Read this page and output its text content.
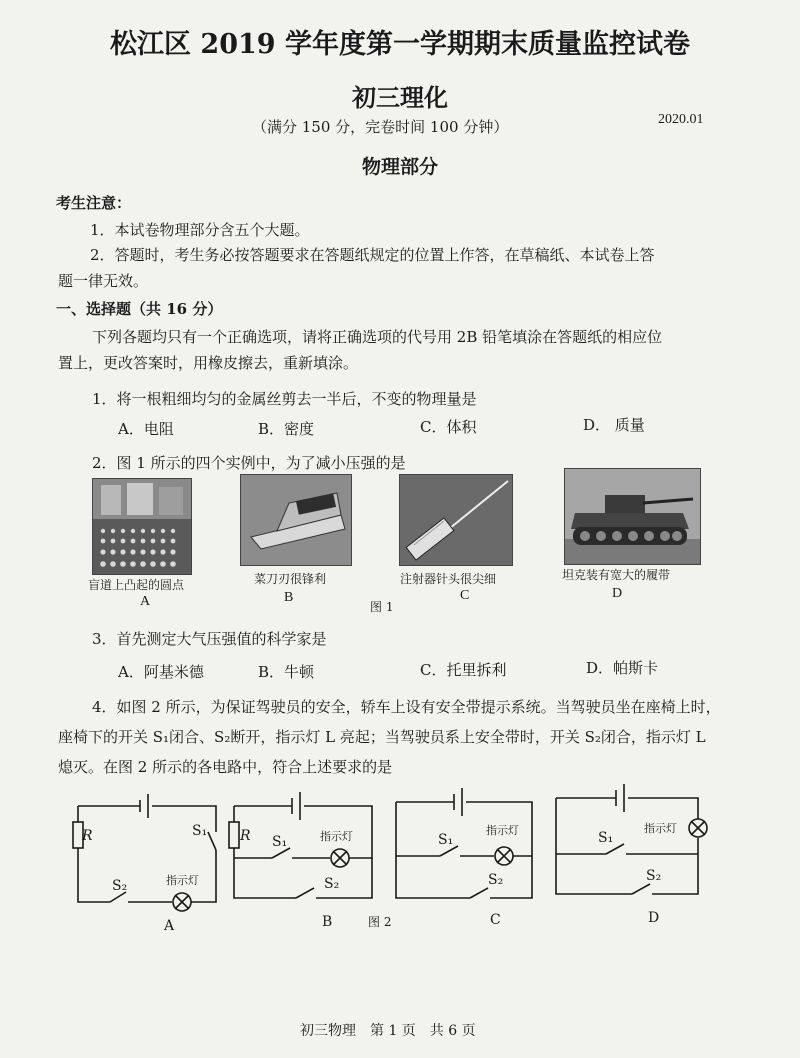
松江区 2019 学年度第一学期期末质量监控试卷
初三理化
（满分 150 分，完卷时间 100 分钟）	2020.01
物理部分
考生注意：
1．本试卷物理部分含五个大题。
2．答题时，考生务必按答题要求在答题纸规定的位置上作答，在草稿纸、本试卷上答
题一律无效。
一、选择题（共 16 分）
下列各题均只有一个正确选项，请将正确选项的代号用 2B 铅笔填涂在答题纸的相应位
置上，更改答案时，用橡皮擦去，重新填涂。
1．将一根粗细均匀的金属丝剪去一半后，不变的物理量是
A．电阻	B．密度	C．体积	D． 质量
2．图 1 所示的四个实例中，为了减小压强的是
盲道上凸起的圆点	菜刀刃很锋利	注射器针头很尖细	坦克装有宽大的履带
A	B	C	D
图 1
3．首先测定大气压强值的科学家是
A．阿基米德	B．牛顿	C．托里拆利	D．帕斯卡
4．如图 2 所示，为保证驾驶员的安全，轿车上设有安全带提示系统。当驾驶员坐在座椅上时，
座椅下的开关 S₁闭合、S₂断开，指示灯 L 亮起；当驾驶员系上安全带时，开关 S₂闭合，指示灯 L
熄灭。在图 2 所示的各电路中，符合上述要求的是
R	S₁
S₂	指示灯
R S₁
S₂
指示灯	S₁
S₂
指示灯	S₁
S₂
指示灯
A	B	图 2	C	D
初三物理　第 1 页　共 6 页
